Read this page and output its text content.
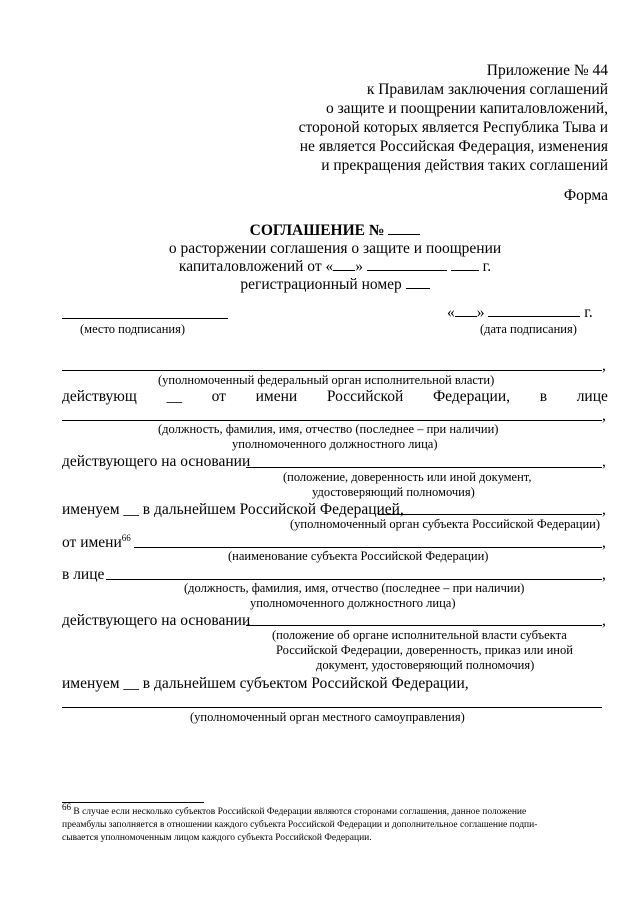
Приложение № 44
к Правилам заключения соглашений
о защите и поощрении капиталовложений,
стороной которых является Республика Тыва и
не является Российская Федерация, изменения
и прекращения действия таких соглашений
Форма
СОГЛАШЕНИЕ №
о расторжении соглашения о защите и поощрении
капиталовложений от « »	г.
регистрационный номер
(место подписания)
« »	г.
(дата подписания)
,
(уполномоченный федеральный орган исполнительной власти)
действующ __ от имени Российской Федерации, в лице
,
(должность, фамилия, имя, отчество (последнее – при наличии)
уполномоченного должностного лица)
действующего на основании	,
(положение, доверенность или иной документ,
удостоверяющий полномочия)
именуем __ в дальнейшем Российской Федерацией,	,
(уполномоченный орган субъекта Российской Федерации)
от имени$^{66}$	,
(наименование субъекта Российской Федерации)
в лице	,
(должность, фамилия, имя, отчество (последнее – при наличии)
уполномоченного должностного лица)
действующего на основании	,
(положение об органе исполнительной власти субъекта
Российской Федерации, доверенность, приказ или иной
документ, удостоверяющий полномочия)
именуем __ в дальнейшем субъектом Российской Федерации,
(уполномоченный орган местного самоуправления)
$^{66}$ В случае если несколько субъектов Российской Федерации являются сторонами соглашения, данное положение
преамбулы заполняется в отношении каждого субъекта Российской Федерации и дополнительное соглашение подпи-
сывается уполномоченным лицом каждого субъекта Российской Федерации.
